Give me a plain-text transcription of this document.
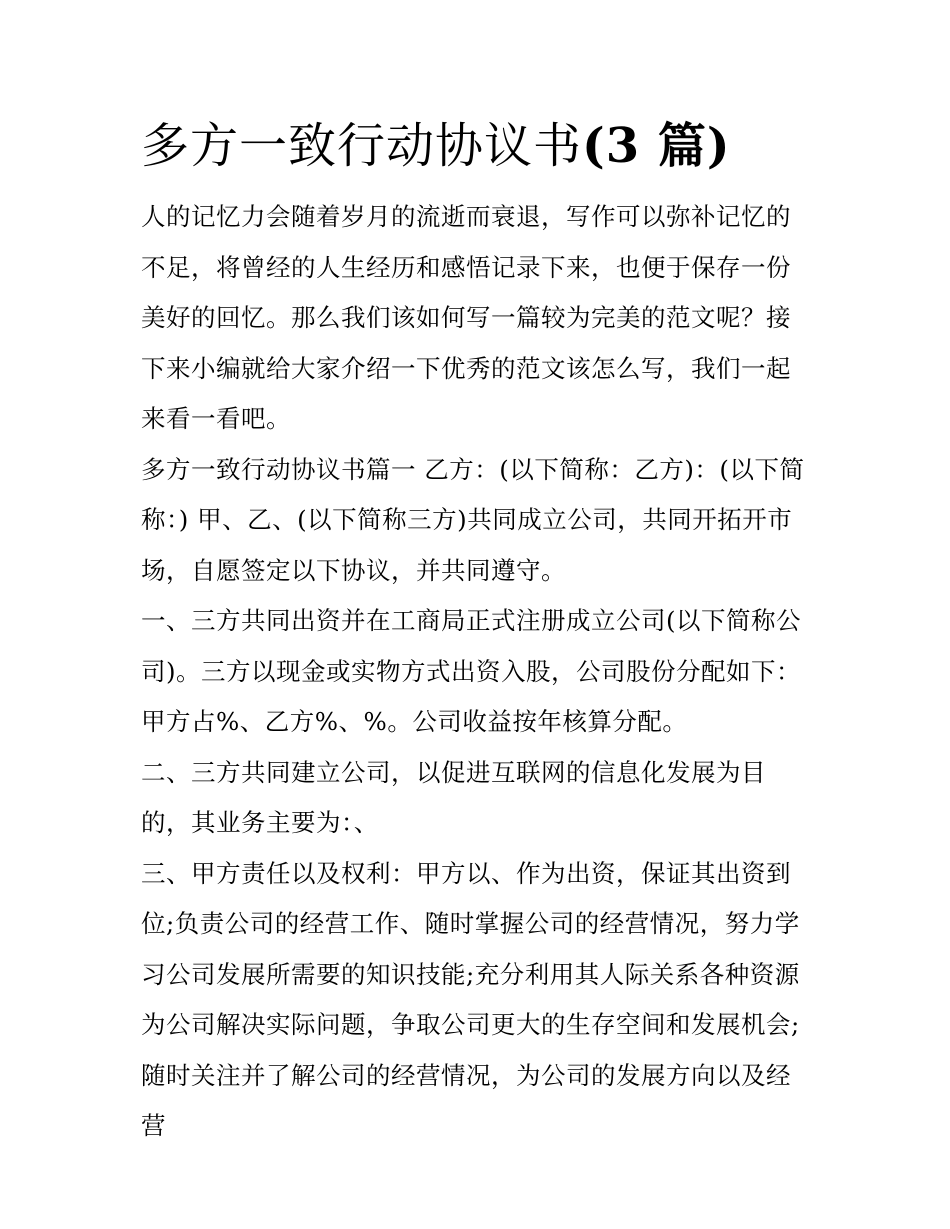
多方一致行动协议书(3 篇)

人的记忆力会随着岁月的流逝而衰退，写作可以弥补记忆的不足，将曾经的人生经历和感悟记录下来，也便于保存一份美好的回忆。那么我们该如何写一篇较为完美的范文呢？接下来小编就给大家介绍一下优秀的范文该怎么写，我们一起来看一看吧。

多方一致行动协议书篇一 乙方：(以下简称：乙方)：(以下简称：) 甲、乙、(以下简称三方)共同成立公司，共同开拓开市场，自愿签定以下协议，并共同遵守。

一、三方共同出资并在工商局正式注册成立公司(以下简称公司)。三方以现金或实物方式出资入股，公司股份分配如下：甲方占%、乙方%、%。公司收益按年核算分配。

二、三方共同建立公司，以促进互联网的信息化发展为目的，其业务主要为：、

三、甲方责任以及权利：甲方以、作为出资，保证其出资到位;负责公司的经营工作、随时掌握公司的经营情况，努力学习公司发展所需要的知识技能;充分利用其人际关系各种资源为公司解决实际问题，争取公司更大的生存空间和发展机会;随时关注并了解公司的经营情况，为公司的发展方向以及经营
